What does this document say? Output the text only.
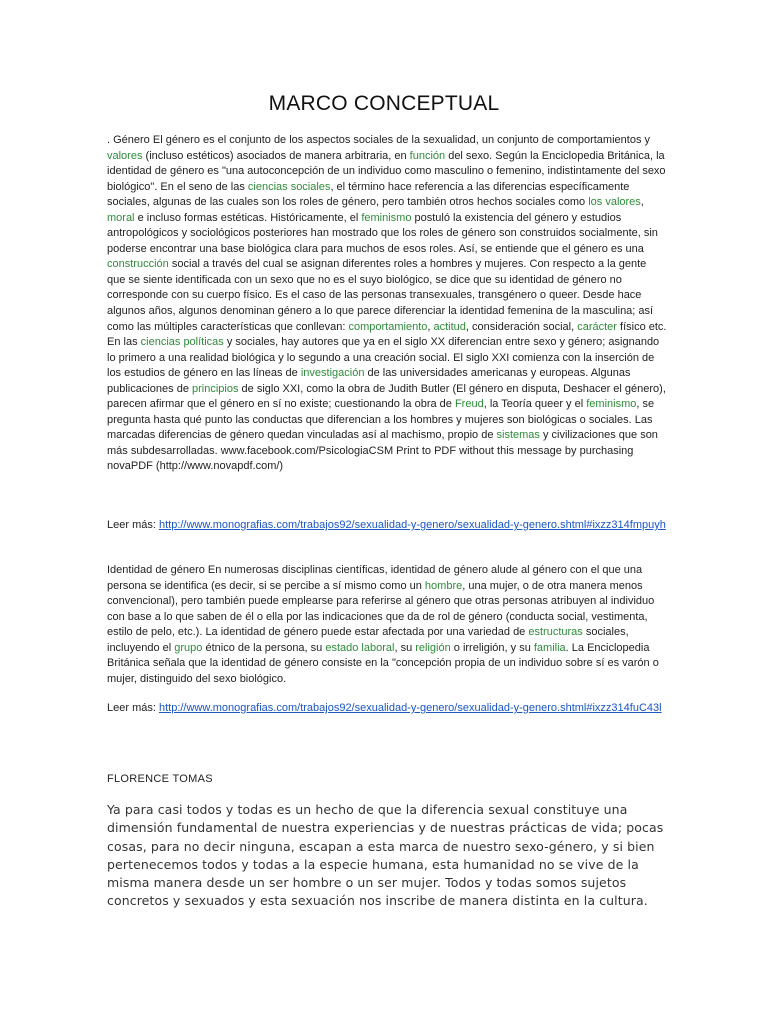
MARCO CONCEPTUAL
. Género El género es el conjunto de los aspectos sociales de la sexualidad, un conjunto de comportamientos y valores (incluso estéticos) asociados de manera arbitraria, en función del sexo. Según la Enciclopedia Británica, la identidad de género es "una autoconcepción de un individuo como masculino o femenino, indistintamente del sexo biológico". En el seno de las ciencias sociales, el término hace referencia a las diferencias específicamente sociales, algunas de las cuales son los roles de género, pero también otros hechos sociales como los valores, moral e incluso formas estéticas. Históricamente, el feminismo postuló la existencia del género y estudios antropológicos y sociológicos posteriores han mostrado que los roles de género son construidos socialmente, sin poderse encontrar una base biológica clara para muchos de esos roles. Así, se entiende que el género es una construcción social a través del cual se asignan diferentes roles a hombres y mujeres. Con respecto a la gente que se siente identificada con un sexo que no es el suyo biológico, se dice que su identidad de género no corresponde con su cuerpo físico. Es el caso de las personas transexuales, transgénero o queer. Desde hace algunos años, algunos denominan género a lo que parece diferenciar la identidad femenina de la masculina; así como las múltiples características que conllevan: comportamiento, actitud, consideración social, carácter físico etc. En las ciencias políticas y sociales, hay autores que ya en el siglo XX diferencian entre sexo y género; asignando lo primero a una realidad biológica y lo segundo a una creación social. El siglo XXI comienza con la inserción de los estudios de género en las líneas de investigación de las universidades americanas y europeas. Algunas publicaciones de principios de siglo XXI, como la obra de Judith Butler (El género en disputa, Deshacer el género), parecen afirmar que el género en sí no existe; cuestionando la obra de Freud, la Teoría queer y el feminismo, se pregunta hasta qué punto las conductas que diferencian a los hombres y mujeres son biológicas o sociales. Las marcadas diferencias de género quedan vinculadas así al machismo, propio de sistemas y civilizaciones que son más subdesarrolladas. www.facebook.com/PsicologiaCSM Print to PDF without this message by purchasing novaPDF (http://www.novapdf.com/)
Leer más: http://www.monografias.com/trabajos92/sexualidad-y-genero/sexualidad-y-genero.shtml#ixzz314fmpuyh
Identidad de género En numerosas disciplinas científicas, identidad de género alude al género con el que una persona se identifica (es decir, si se percibe a sí mismo como un hombre, una mujer, o de otra manera menos convencional), pero también puede emplearse para referirse al género que otras personas atribuyen al individuo con base a lo que saben de él o ella por las indicaciones que da de rol de género (conducta social, vestimenta, estilo de pelo, etc.). La identidad de género puede estar afectada por una variedad de estructuras sociales, incluyendo el grupo étnico de la persona, su estado laboral, su religión o irreligión, y su familia. La Enciclopedia Británica señala que la identidad de género consiste en la "concepción propia de un individuo sobre sí es varón o mujer, distinguido del sexo biológico.
Leer más: http://www.monografias.com/trabajos92/sexualidad-y-genero/sexualidad-y-genero.shtml#ixzz314fuC43l
FLORENCE TOMAS
Ya para casi todos y todas es un hecho de que la diferencia sexual constituye una dimensión fundamental de nuestra experiencias y de nuestras prácticas de vida; pocas cosas, para no decir ninguna, escapan a esta marca de nuestro sexo-género, y si bien pertenecemos todos y todas a la especie humana, esta humanidad no se vive de la misma manera desde un ser hombre o un ser mujer. Todos y todas somos sujetos concretos y sexuados y esta sexuación nos inscribe de manera distinta en la cultura.
